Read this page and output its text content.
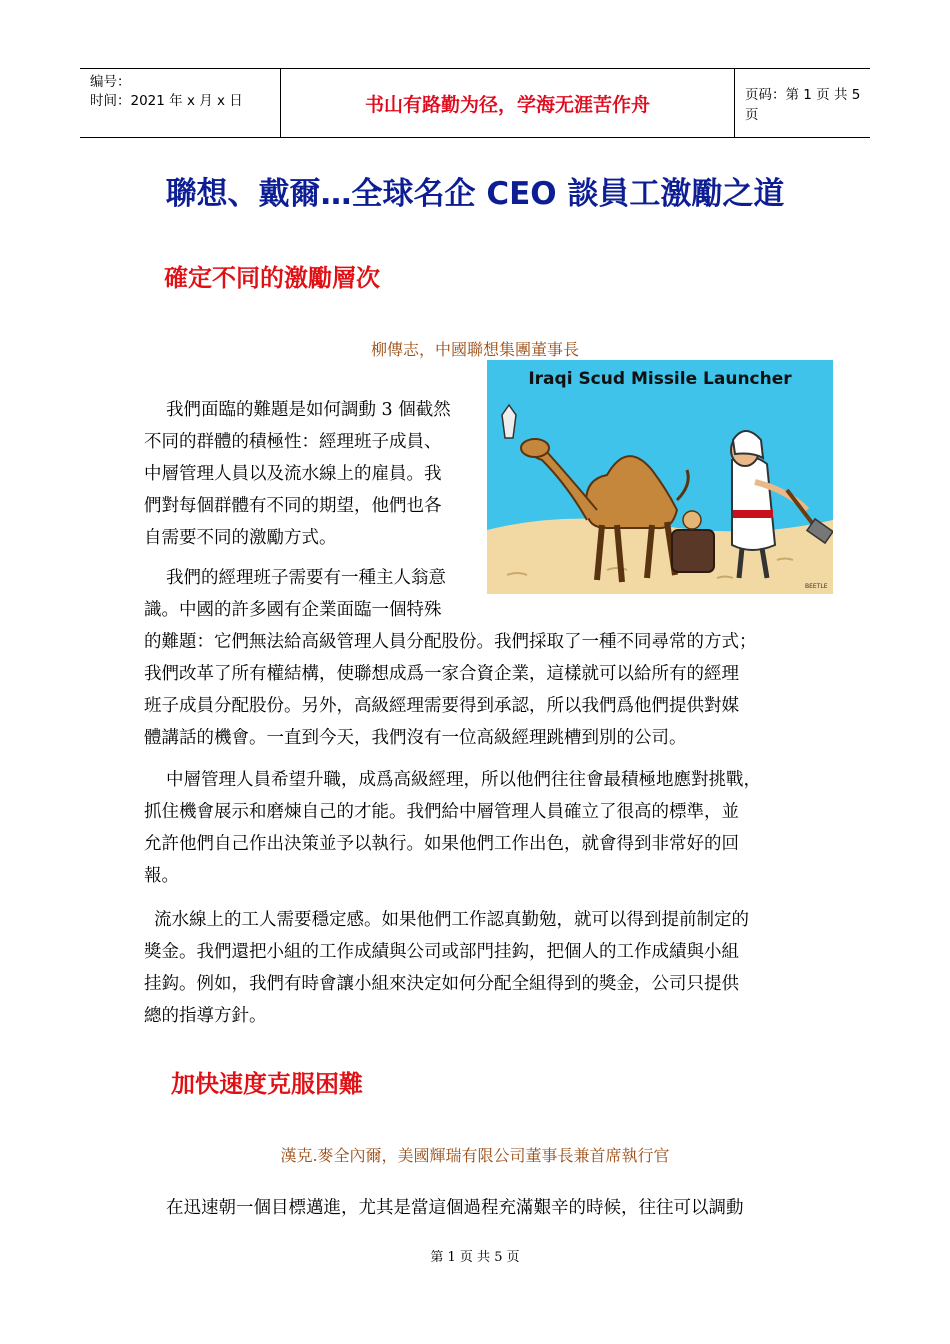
编号：
时间：2021 年 x 月 x 日	书山有路勤为径，学海无涯苦作舟	页码：第 1 页 共 5 页
聯想、戴爾…全球名企 CEO 談員工激勵之道
確定不同的激勵層次
柳傳志，中國聯想集團董事長
Iraqi Scud Missile Launcher
BEETLE
我們面臨的難題是如何調動 3 個截然
不同的群體的積極性：經理班子成員、
中層管理人員以及流水線上的雇員。我
們對每個群體有不同的期望，他們也各
自需要不同的激勵方式。
我們的經理班子需要有一種主人翁意
識。中國的許多國有企業面臨一個特殊
的難題：它們無法給高級管理人員分配股份。我們採取了一種不同尋常的方式；
我們改革了所有權結構，使聯想成爲一家合資企業，這樣就可以給所有的經理
班子成員分配股份。另外，高級經理需要得到承認，所以我們爲他們提供對媒
體講話的機會。一直到今天，我們沒有一位高級經理跳槽到別的公司。
中層管理人員希望升職，成爲高級經理，所以他們往往會最積極地應對挑戰，
抓住機會展示和磨煉自己的才能。我們給中層管理人員確立了很高的標準，並
允許他們自己作出決策並予以執行。如果他們工作出色，就會得到非常好的回
報。
流水線上的工人需要穩定感。如果他們工作認真勤勉，就可以得到提前制定的
獎金。我們還把小組的工作成績與公司或部門挂鈎，把個人的工作成績與小組
挂鈎。例如，我們有時會讓小組來決定如何分配全組得到的獎金，公司只提供
總的指導方針。
加快速度克服困難
漢克.麥全內爾，美國輝瑞有限公司董事長兼首席執行官
在迅速朝一個目標邁進，尤其是當這個過程充滿艱辛的時候，往往可以調動
第 1 页 共 5 页
